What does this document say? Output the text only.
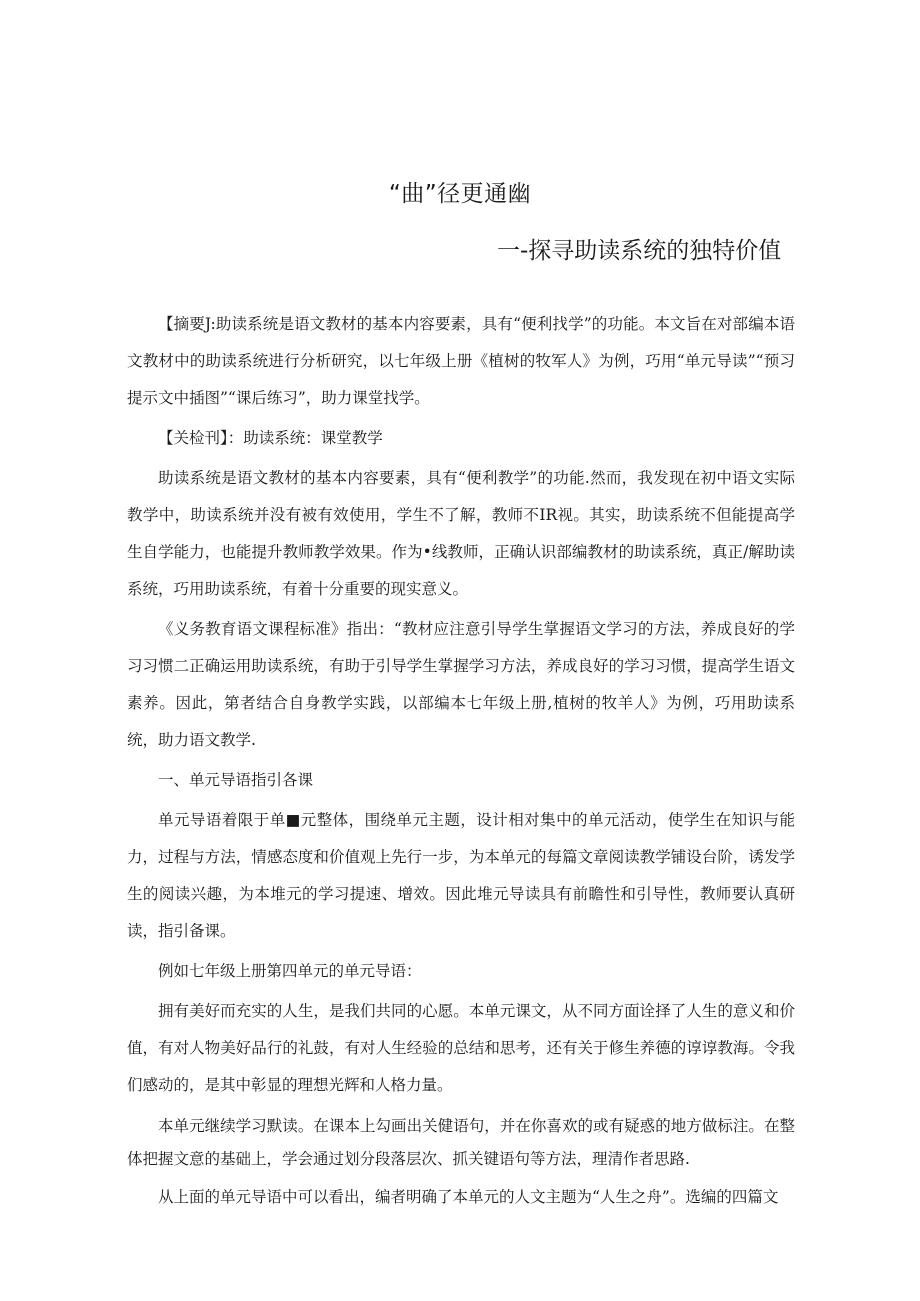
“曲”径更通幽
一-探寻助读系统的独特价值

【摘要J:助读系统是语文教材的基本内容要素，具有“便利找学”的功能。本文旨在对部编本语文教材中的助读系统进行分析研究，以七年级上册《植树的牧军人》为例，巧用“单元导读”“预习提示文中插图”“课后练习”，助力课堂找学。

【关检刊】：助读系统：课堂教学

助读系统是语文教材的基本内容要素，具有“便利教学”的功能.然而，我发现在初中语文实际教学中，助读系统并没有被有效使用，学生不了解，教师不IR视。其实，助读系统不但能提高学生自学能力，也能提升教师教学效果。作为•线教师，正确认识部编教材的助读系统，真正/解助读系统，巧用助读系统，有着十分重要的现实意义。

《义务教育语文课程标准》指出：“教材应注意引导学生掌握语文学习的方法，养成良好的学习习惯二正确运用助读系统，有助于引导学生掌握学习方法，养成良好的学习习惯，提高学生语文素养。因此，第者结合自身教学实践，以部编本七年级上册,植树的牧羊人》为例，巧用助读系统，助力语文教学.

一、单元导语指引各课

单元导语着限于单■元整体，围绕单元主题，设计相对集中的单元活动，使学生在知识与能力，过程与方法，情感态度和价值观上先行一步，为本单元的每篇文章阅读教学铺设台阶，诱发学生的阅读兴趣，为本堆元的学习提速、增效。因此堆元导读具有前瞻性和引导性，教师要认真研读，指引备课。

例如七年级上册第四单元的单元导语：

拥有美好而充实的人生，是我们共同的心愿。本单元课文，从不同方面诠择了人生的意义和价值，有对人物美好品行的礼鼓，有对人生经验的总结和思考，还有关于修生养德的谆谆教海。令我们感动的，是其中彰显的理想光辉和人格力量。

本单元继续学习默读。在课本上勾画出关健语句，并在你喜欢的或有疑惑的地方做标注。在整体把握文意的基础上，学会通过划分段落层次、抓关键语句等方法，理清作者思路.

从上面的单元导语中可以看出，编者明确了本单元的人文主题为“人生之舟”。选编的四篇文
